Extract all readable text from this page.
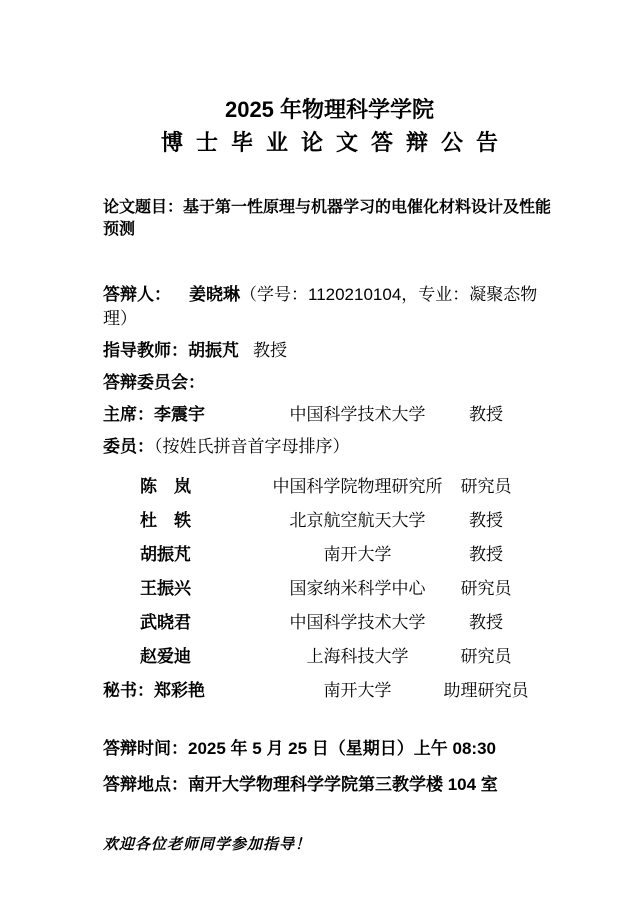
2025 年物理科学学院
博士毕业论文答辩公告

论文题目：基于第一性原理与机器学习的电催化材料设计及性能预测

答辩人： 姜晓琳（学号：1120210104，专业：凝聚态物理）

指导教师：胡振芃 教授

答辩委员会：

主席：李震宇	中国科学技术大学	教授

委员：（按姓氏拼音首字母排序）

陈　岚	中国科学院物理研究所	研究员
杜　轶	北京航空航天大学	教授
胡振芃	南开大学	教授
王振兴	国家纳米科学中心	研究员
武晓君	中国科学技术大学	教授
赵爱迪	上海科技大学	研究员
秘书：郑彩艳	南开大学	助理研究员

答辩时间：2025 年 5 月 25 日（星期日）上午 08:30

答辩地点：南开大学物理科学学院第三教学楼 104 室

欢迎各位老师同学参加指导！
